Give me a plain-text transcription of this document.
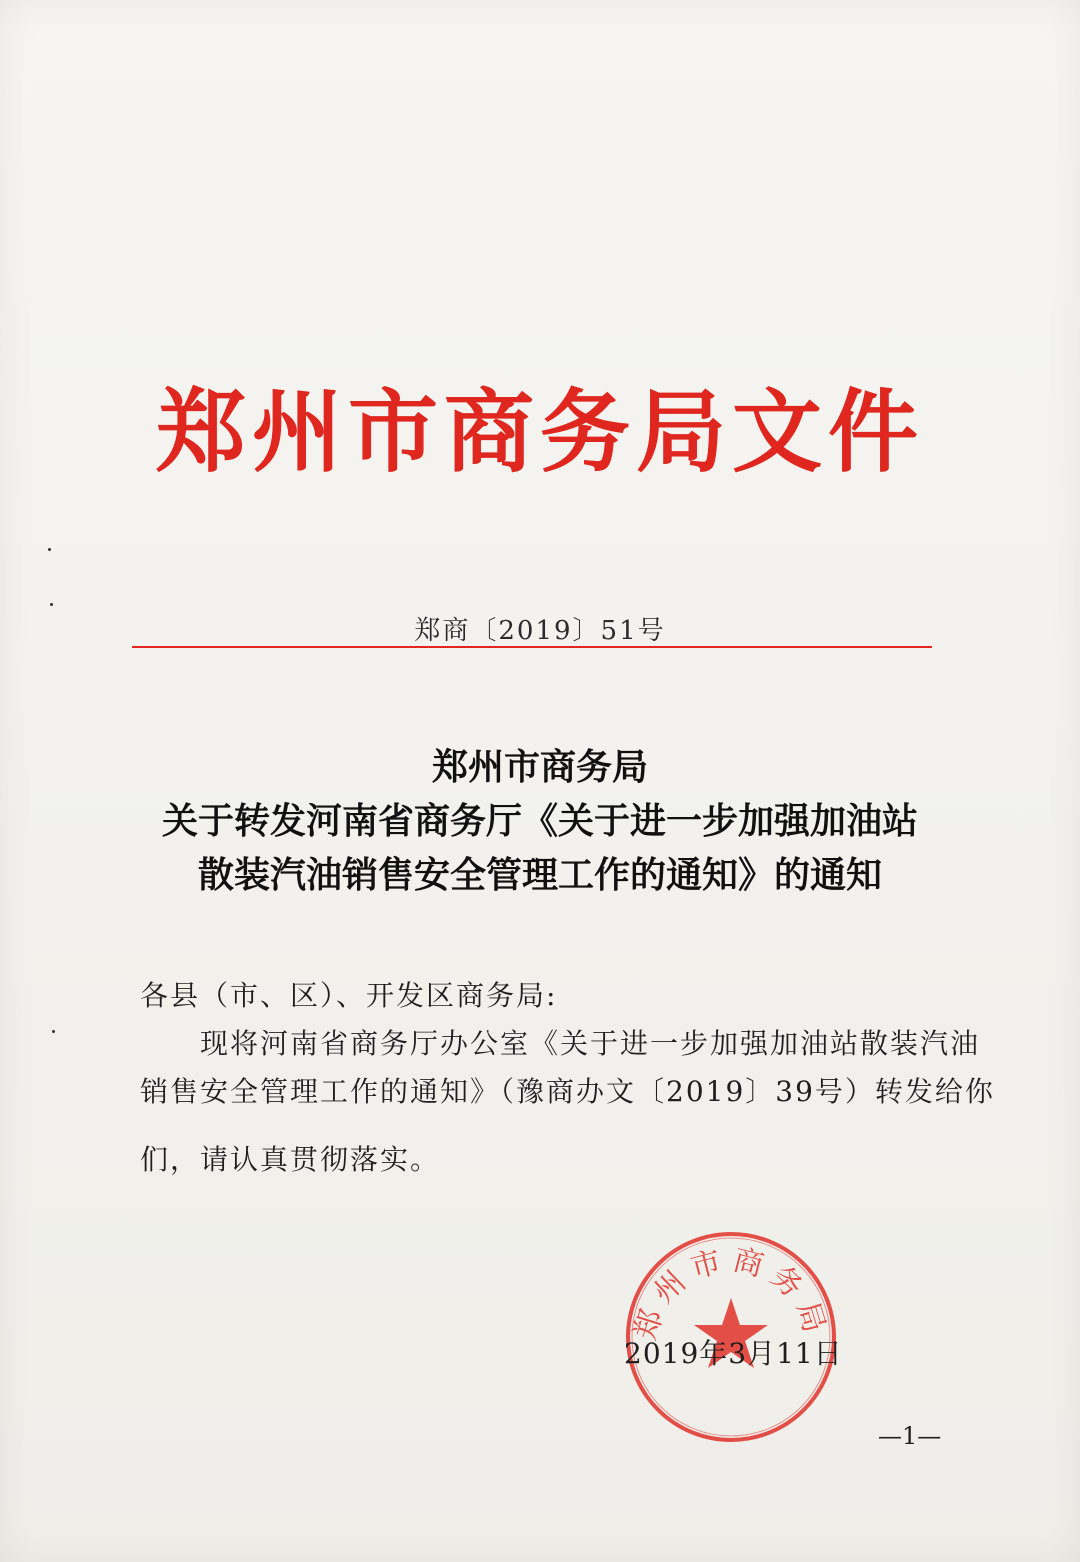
郑州市商务局文件
郑商〔2019〕51号
郑州市商务局
关于转发河南省商务厅《关于进一步加强加油站
散装汽油销售安全管理工作的通知》的通知
各县（市、区）、开发区商务局:
现将河南省商务厅办公室《关于进一步加强加油站散装汽油
销售安全管理工作的通知》（豫商办文〔2019〕39号）转发给你
们，请认真贯彻落实。
郑州市商务局
2019年3月11日
—1—
